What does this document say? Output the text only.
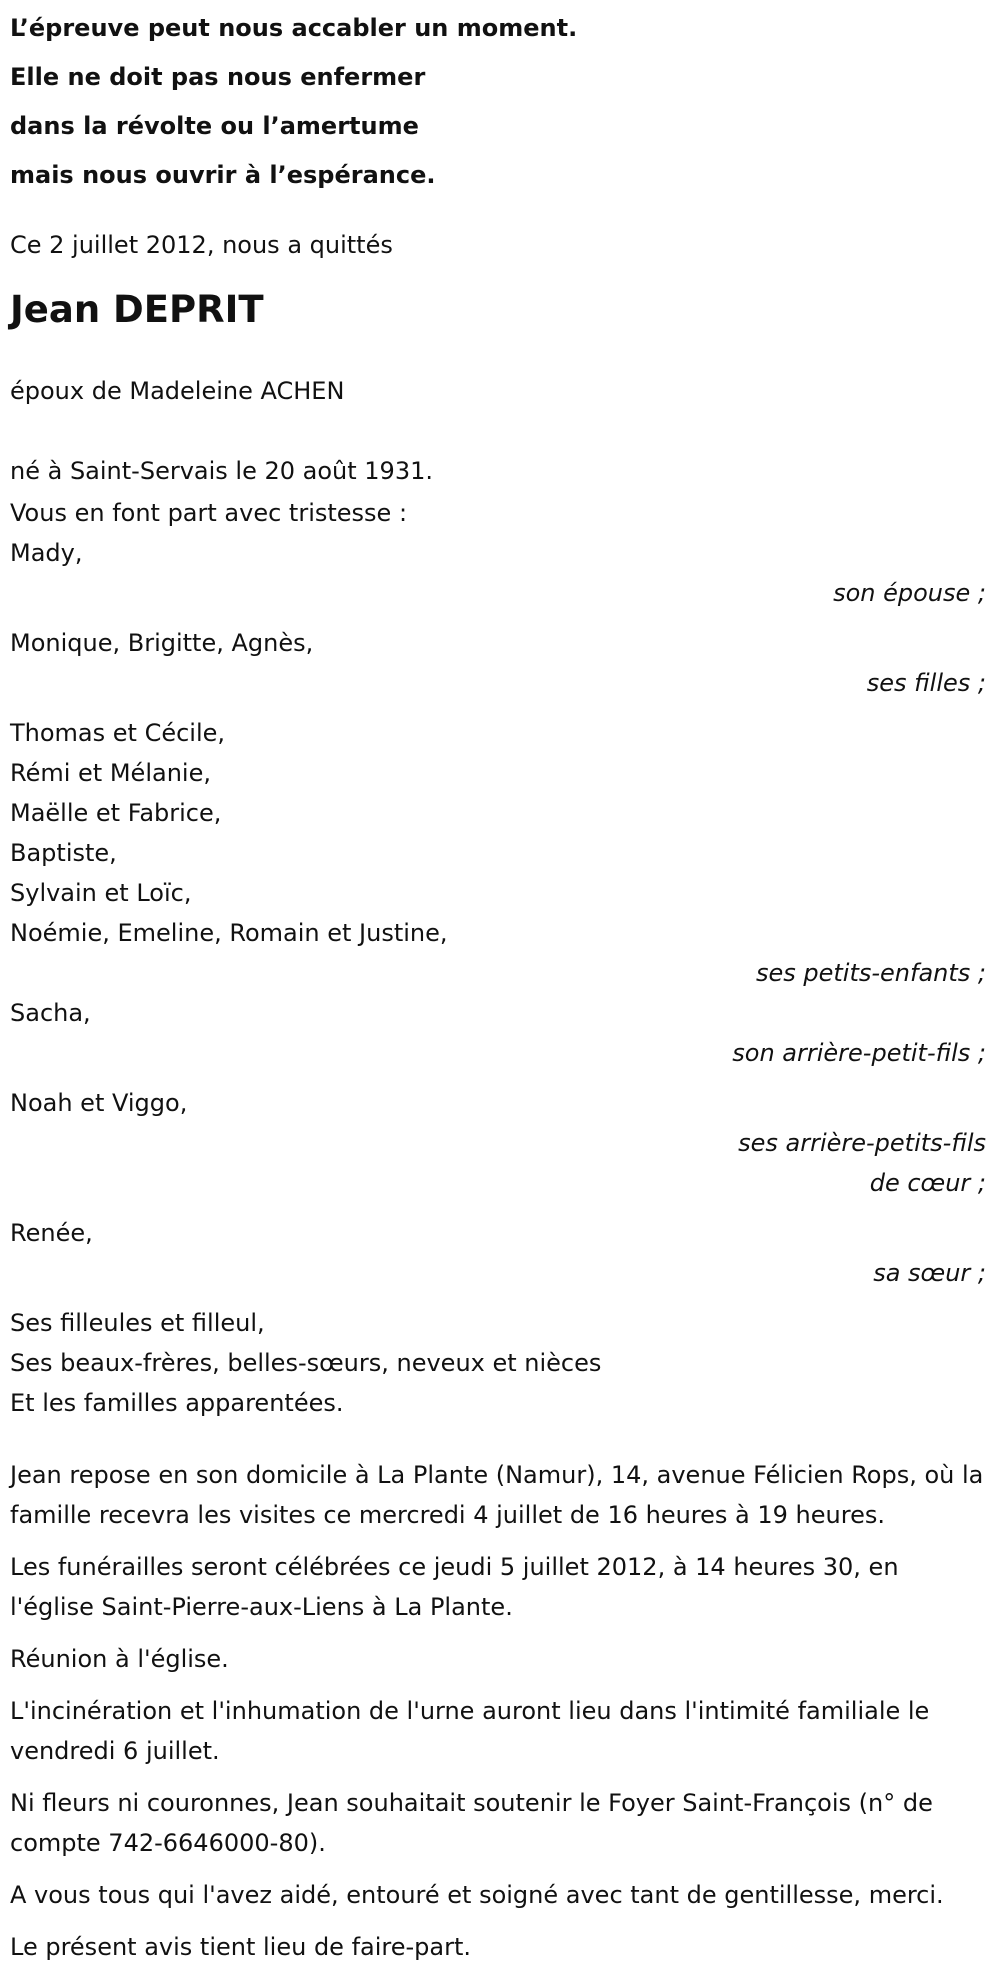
L’épreuve peut nous accabler un moment.
Elle ne doit pas nous enfermer
dans la révolte ou l’amertume
mais nous ouvrir à l’espérance.
Ce 2 juillet 2012, nous a quittés
Jean DEPRIT
époux de Madeleine ACHEN
né à Saint-Servais le 20 août 1931.
Vous en font part avec tristesse :
Mady,
son épouse ;
Monique, Brigitte, Agnès,
ses filles ;
Thomas et Cécile,
Rémi et Mélanie,
Maëlle et Fabrice,
Baptiste,
Sylvain et Loïc,
Noémie, Emeline, Romain et Justine,
ses petits-enfants ;
Sacha,
son arrière-petit-fils ;
Noah et Viggo,
ses arrière-petits-fils de cœur ;
Renée,
sa sœur ;
Ses filleules et filleul,
Ses beaux-frères, belles-sœurs, neveux et nièces
Et les familles apparentées.
Jean repose en son domicile à La Plante (Namur), 14, avenue Félicien Rops, où la famille recevra les visites ce mercredi 4 juillet de 16 heures à 19 heures.
Les funérailles seront célébrées ce jeudi 5 juillet 2012, à 14 heures 30, en l'église Saint-Pierre-aux-Liens à La Plante.
Réunion à l'église.
L'incinération et l'inhumation de l'urne auront lieu dans l'intimité familiale le vendredi 6 juillet.
Ni fleurs ni couronnes, Jean souhaitait soutenir le Foyer Saint-François (n° de compte 742-6646000-80).
A vous tous qui l'avez aidé, entouré et soigné avec tant de gentillesse, merci.
Le présent avis tient lieu de faire-part.
